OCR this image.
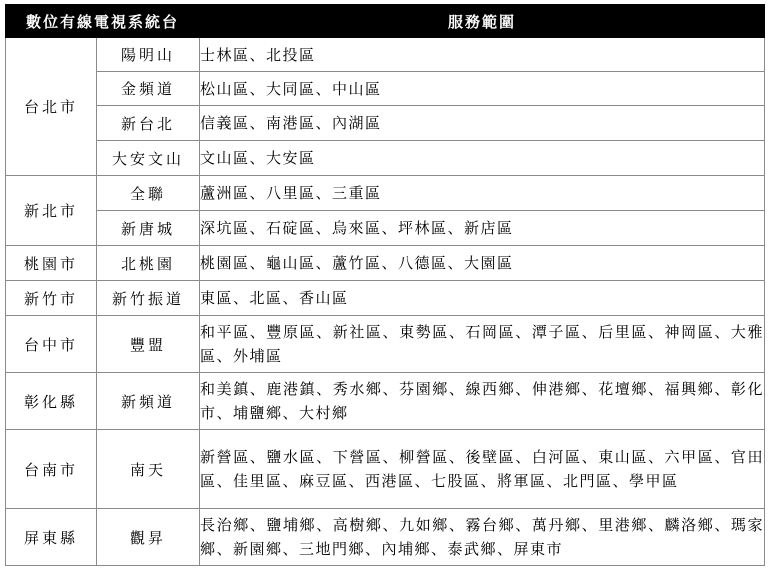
數位有線電視系統台		服務範圍
台北市	陽明山	士林區、北投區
	金頻道	松山區、大同區、中山區
	新台北	信義區、南港區、內湖區
	大安文山	文山區、大安區
新北市	全聯	蘆洲區、八里區、三重區
	新唐城	深坑區、石碇區、烏來區、坪林區、新店區
桃園市	北桃園	桃園區、龜山區、蘆竹區、八德區、大園區
新竹市	新竹振道	東區、北區、香山區
台中市	豐盟	和平區、豐原區、新社區、東勢區、石岡區、潭子區、后里區、神岡區、大雅區、外埔區
彰化縣	新頻道	和美鎮、鹿港鎮、秀水鄉、芬園鄉、線西鄉、伸港鄉、花壇鄉、福興鄉、彰化市、埔鹽鄉、大村鄉
台南市	南天	新營區、鹽水區、下營區、柳營區、後壁區、白河區、東山區、六甲區、官田區、佳里區、麻豆區、西港區、七股區、將軍區、北門區、學甲區
屏東縣	觀昇	長治鄉、鹽埔鄉、高樹鄉、九如鄉、霧台鄉、萬丹鄉、里港鄉、麟洛鄉、瑪家鄉、新園鄉、三地門鄉、內埔鄉、泰武鄉、屏東市
